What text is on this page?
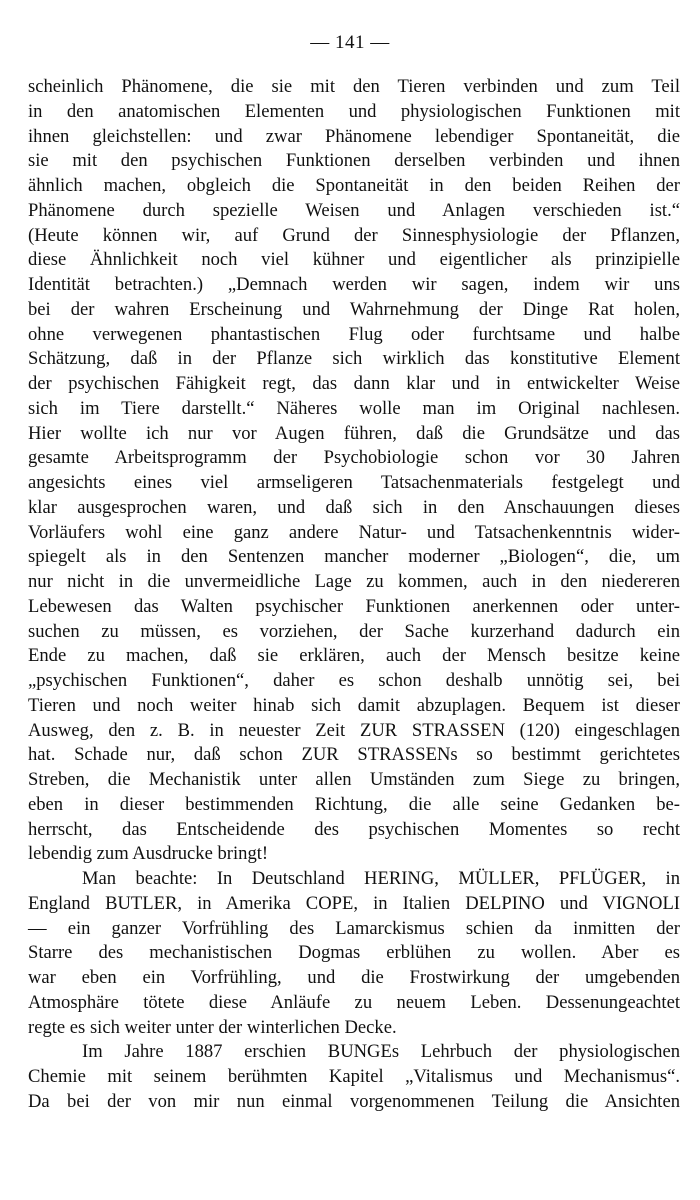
— 141 —
scheinlich Phänomene, die sie mit den Tieren verbinden und zum Teil
in den anatomischen Elementen und physiologischen Funktionen mit
ihnen gleichstellen: und zwar Phänomene lebendiger Spontaneität, die
sie mit den psychischen Funktionen derselben verbinden und ihnen
ähnlich machen, obgleich die Spontaneität in den beiden Reihen der
Phänomene durch spezielle Weisen und Anlagen verschieden ist.“
(Heute können wir, auf Grund der Sinnesphysiologie der Pflanzen,
diese Ähnlichkeit noch viel kühner und eigentlicher als prinzipielle
Identität betrachten.) „Demnach werden wir sagen, indem wir uns
bei der wahren Erscheinung und Wahrnehmung der Dinge Rat holen,
ohne verwegenen phantastischen Flug oder furchtsame und halbe
Schätzung, daß in der Pflanze sich wirklich das konstitutive Element
der psychischen Fähigkeit regt, das dann klar und in entwickelter Weise
sich im Tiere darstellt.“ Näheres wolle man im Original nachlesen.
Hier wollte ich nur vor Augen führen, daß die Grundsätze und das
gesamte Arbeitsprogramm der Psychobiologie schon vor 30 Jahren
angesichts eines viel armseligeren Tatsachenmaterials festgelegt und
klar ausgesprochen waren, und daß sich in den Anschauungen dieses
Vorläufers wohl eine ganz andere Natur- und Tatsachenkenntnis wider-
spiegelt als in den Sentenzen mancher moderner „Biologen“, die, um
nur nicht in die unvermeidliche Lage zu kommen, auch in den niedereren
Lebewesen das Walten psychischer Funktionen anerkennen oder unter-
suchen zu müssen, es vorziehen, der Sache kurzerhand dadurch ein
Ende zu machen, daß sie erklären, auch der Mensch besitze keine
„psychischen Funktionen“, daher es schon deshalb unnötig sei, bei
Tieren und noch weiter hinab sich damit abzuplagen. Bequem ist dieser
Ausweg, den z. B. in neuester Zeit ZUR STRASSEN (120) eingeschlagen
hat. Schade nur, daß schon ZUR STRASSENs so bestimmt gerichtetes
Streben, die Mechanistik unter allen Umständen zum Siege zu bringen,
eben in dieser bestimmenden Richtung, die alle seine Gedanken be-
herrscht, das Entscheidende des psychischen Momentes so recht
lebendig zum Ausdrucke bringt!
Man beachte: In Deutschland HERING, MÜLLER, PFLÜGER, in
England BUTLER, in Amerika COPE, in Italien DELPINO und VIGNOLI
— ein ganzer Vorfrühling des Lamarckismus schien da inmitten der
Starre des mechanistischen Dogmas erblühen zu wollen. Aber es
war eben ein Vorfrühling, und die Frostwirkung der umgebenden
Atmosphäre tötete diese Anläufe zu neuem Leben. Dessenungeachtet
regte es sich weiter unter der winterlichen Decke.
Im Jahre 1887 erschien BUNGEs Lehrbuch der physiologischen
Chemie mit seinem berühmten Kapitel „Vitalismus und Mechanismus“.
Da bei der von mir nun einmal vorgenommenen Teilung die Ansichten
